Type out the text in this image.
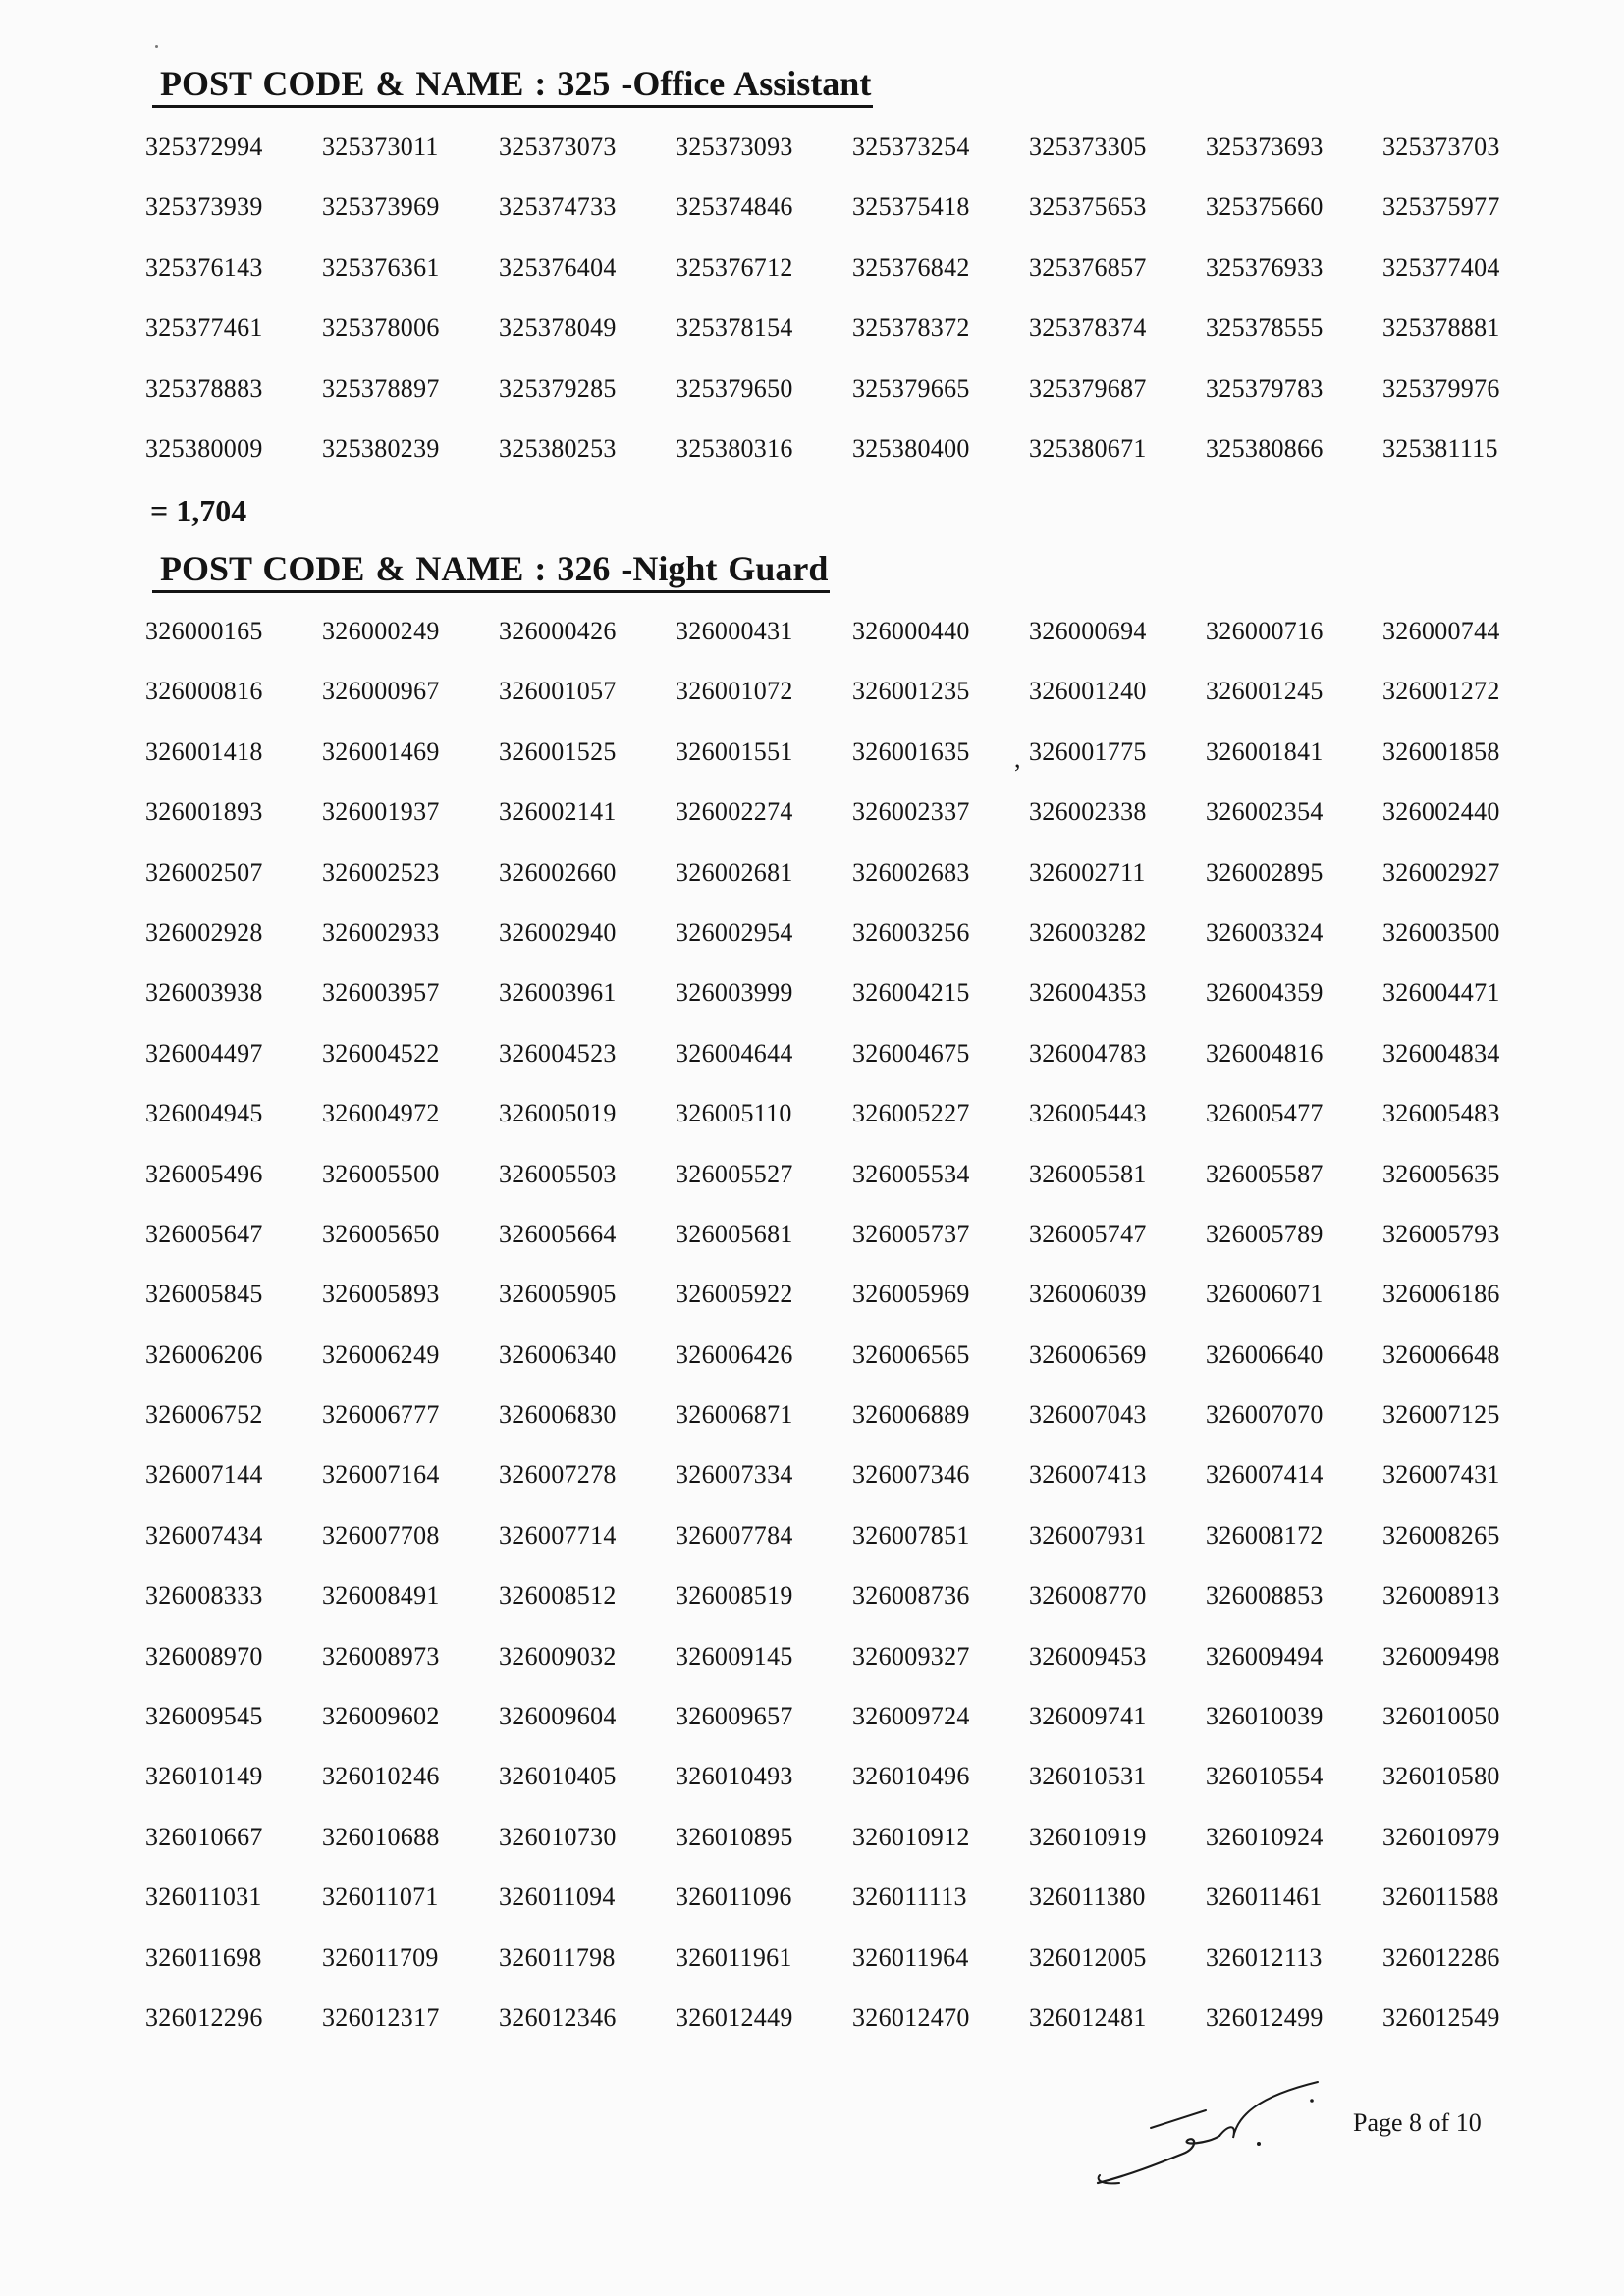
POST CODE & NAME : 325 -Office Assistant
325372994	325373011	325373073	325373093	325373254	325373305	325373693	325373703
325373939	325373969	325374733	325374846	325375418	325375653	325375660	325375977
325376143	325376361	325376404	325376712	325376842	325376857	325376933	325377404
325377461	325378006	325378049	325378154	325378372	325378374	325378555	325378881
325378883	325378897	325379285	325379650	325379665	325379687	325379783	325379976
325380009	325380239	325380253	325380316	325380400	325380671	325380866	325381115
= 1,704
POST CODE & NAME : 326 -Night Guard
326000165	326000249	326000426	326000431	326000440	326000694	326000716	326000744
326000816	326000967	326001057	326001072	326001235	326001240	326001245	326001272
326001418	326001469	326001525	326001551	326001635	326001775	326001841	326001858
326001893	326001937	326002141	326002274	326002337	326002338	326002354	326002440
326002507	326002523	326002660	326002681	326002683	326002711	326002895	326002927
326002928	326002933	326002940	326002954	326003256	326003282	326003324	326003500
326003938	326003957	326003961	326003999	326004215	326004353	326004359	326004471
326004497	326004522	326004523	326004644	326004675	326004783	326004816	326004834
326004945	326004972	326005019	326005110	326005227	326005443	326005477	326005483
326005496	326005500	326005503	326005527	326005534	326005581	326005587	326005635
326005647	326005650	326005664	326005681	326005737	326005747	326005789	326005793
326005845	326005893	326005905	326005922	326005969	326006039	326006071	326006186
326006206	326006249	326006340	326006426	326006565	326006569	326006640	326006648
326006752	326006777	326006830	326006871	326006889	326007043	326007070	326007125
326007144	326007164	326007278	326007334	326007346	326007413	326007414	326007431
326007434	326007708	326007714	326007784	326007851	326007931	326008172	326008265
326008333	326008491	326008512	326008519	326008736	326008770	326008853	326008913
326008970	326008973	326009032	326009145	326009327	326009453	326009494	326009498
326009545	326009602	326009604	326009657	326009724	326009741	326010039	326010050
326010149	326010246	326010405	326010493	326010496	326010531	326010554	326010580
326010667	326010688	326010730	326010895	326010912	326010919	326010924	326010979
326011031	326011071	326011094	326011096	326011113	326011380	326011461	326011588
326011698	326011709	326011798	326011961	326011964	326012005	326012113	326012286
326012296	326012317	326012346	326012449	326012470	326012481	326012499	326012549
,
Page 8 of 10
